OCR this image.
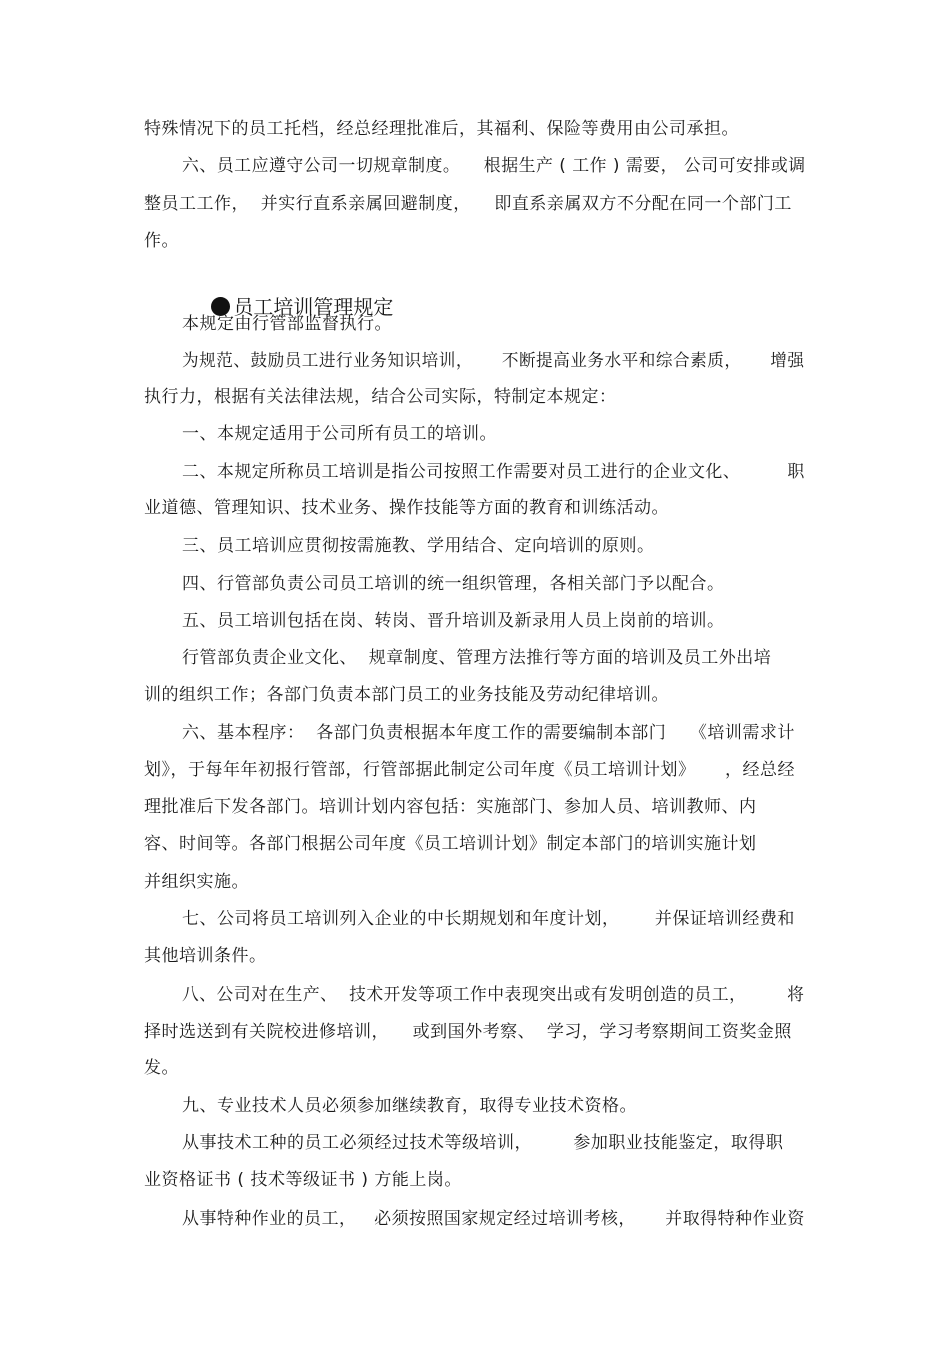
特殊情况下的员工托档，经总经理批准后，其福利、保险等费用由公司承担。
六、员工应遵守公司一切规章制度。    根据生产 ( 工作 ) 需要， 公司可安排或调
整员工工作，  并实行直系亲属回避制度，    即直系亲属双方不分配在同一个部门工
作。

员工培训管理规定

本规定由行管部监督执行。
为规范、鼓励员工进行业务知识培训，     不断提高业务水平和综合素质，     增强
执行力，根据有关法律法规，结合公司实际，特制定本规定：
一、本规定适用于公司所有员工的培训。
二、本规定所称员工培训是指公司按照工作需要对员工进行的企业文化、        职
业道德、管理知识、技术业务、操作技能等方面的教育和训练活动。
三、员工培训应贯彻按需施教、学用结合、定向培训的原则。
四、行管部负责公司员工培训的统一组织管理，各相关部门予以配合。
五、员工培训包括在岗、转岗、晋升培训及新录用人员上岗前的培训。
行管部负责企业文化、  规章制度、管理方法推行等方面的培训及员工外出培
训的组织工作；各部门负责本部门员工的业务技能及劳动纪律培训。
六、基本程序：  各部门负责根据本年度工作的需要编制本部门    《培训需求计
划》，于每年年初报行管部，行管部据此制定公司年度《员工培训计划》     ，经总经
理批准后下发各部门。培训计划内容包括：实施部门、参加人员、培训教师、内
容、时间等。各部门根据公司年度《员工培训计划》制定本部门的培训实施计划
并组织实施。
七、公司将员工培训列入企业的中长期规划和年度计划，      并保证培训经费和
其他培训条件。
八、公司对在生产、  技术开发等项工作中表现突出或有发明创造的员工，       将
择时选送到有关院校进修培训，    或到国外考察、  学习，学习考察期间工资奖金照
发。
九、专业技术人员必须参加继续教育，取得专业技术资格。
从事技术工种的员工必须经过技术等级培训，       参加职业技能鉴定，取得职
业资格证书 ( 技术等级证书 ) 方能上岗。
从事特种作业的员工，   必须按照国家规定经过培训考核，     并取得特种作业资
